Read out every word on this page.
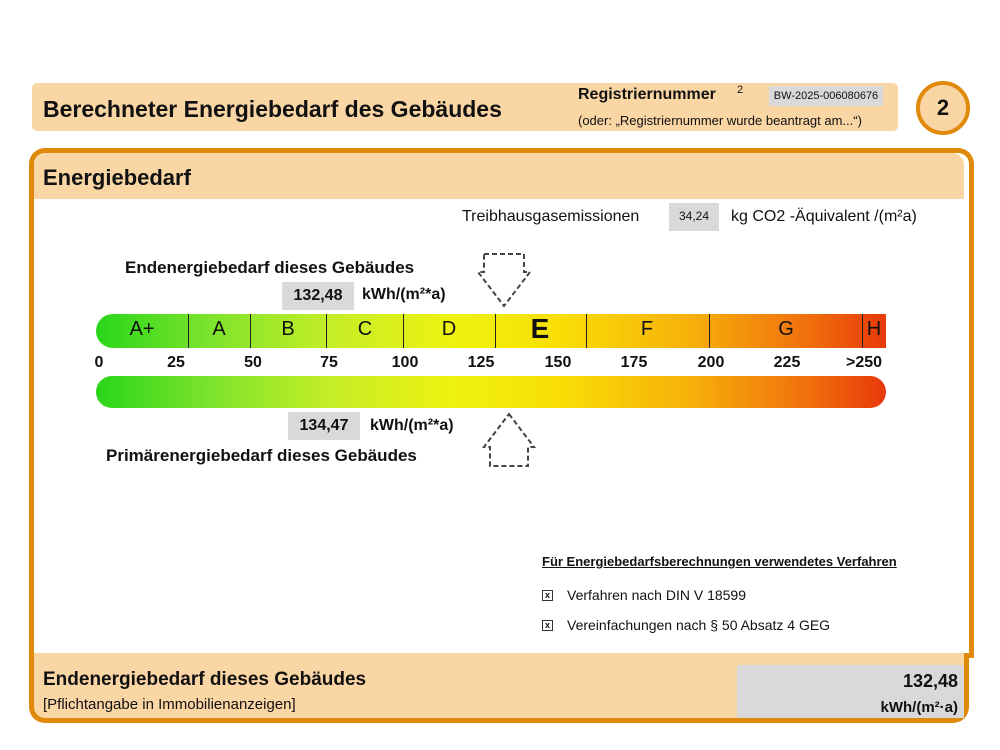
Berechneter Energiebedarf des Gebäudes
Registriernummer 2	BW-2025-006080676
(oder: „Registriernummer wurde beantragt am...“)
2
Energiebedarf
Treibhausgasemissionen	34,24	kg CO2 -Äquivalent /(m²a)
Endenergiebedarf dieses Gebäudes
132,48	kWh/(m²*a)
A+	A	B	C	D	E	F	G	H
0	25	50	75	100	125	150	175	200	225	>250
134,47	kWh/(m²*a)
Primärenergiebedarf dieses Gebäudes
Für Energiebedarfsberechnungen verwendetes Verfahren
x Verfahren nach DIN V 18599
x Vereinfachungen nach § 50 Absatz 4 GEG
Endenergiebedarf dieses Gebäudes
[Pflichtangabe in Immobilienanzeigen]
132,48
kWh/(m²·a)
